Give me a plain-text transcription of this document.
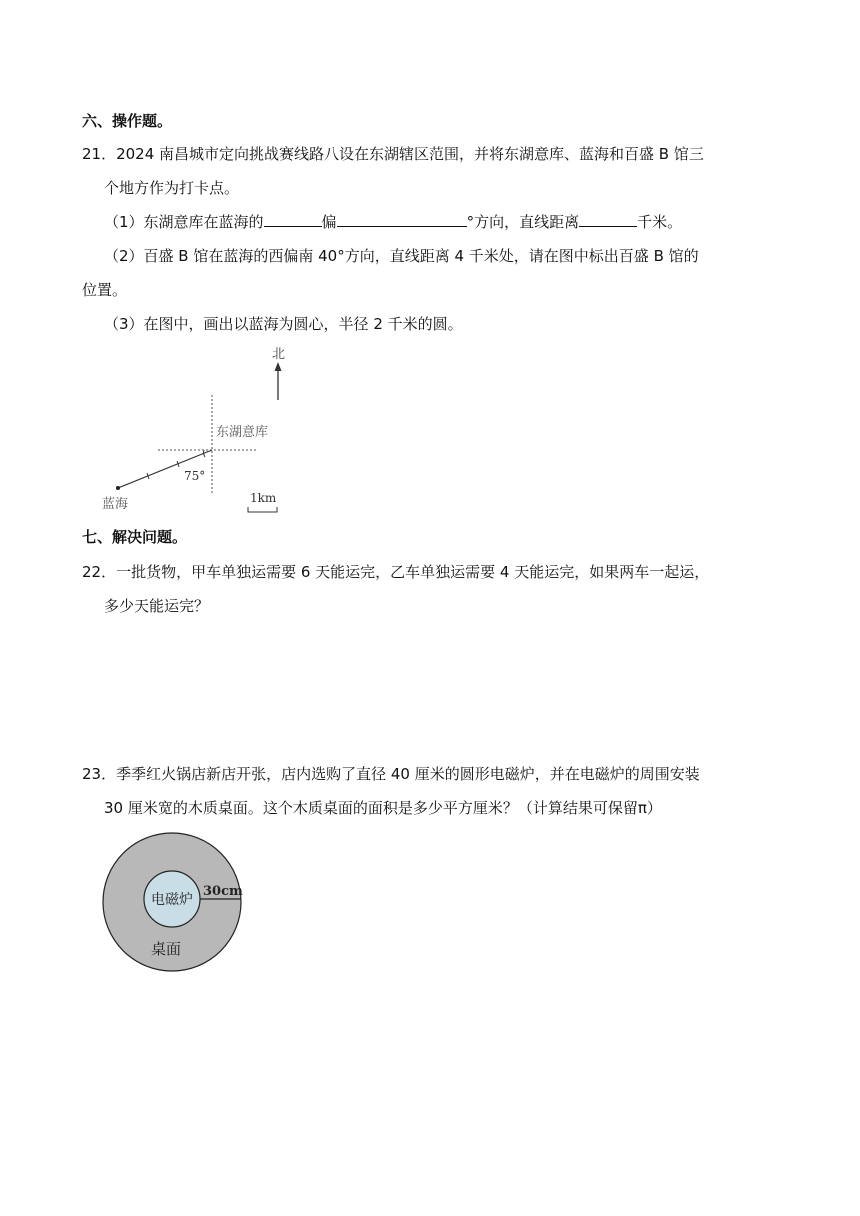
六、操作题。
21．2024 南昌城市定向挑战赛线路八设在东湖辖区范围，并将东湖意库、蓝海和百盛 B 馆三
个地方作为打卡点。
（1）东湖意库在蓝海的	偏	°方向，直线距离	千米。
（2）百盛 B 馆在蓝海的西偏南 40°方向，直线距离 4 千米处，请在图中标出百盛 B 馆的
位置。
（3）在图中，画出以蓝海为圆心，半径 2 千米的圆。
北
东湖意库
75°
蓝海	1km
七、解决问题。
22．一批货物，甲车单独运需要 6 天能运完，乙车单独运需要 4 天能运完，如果两车一起运，
多少天能运完？
23．季季红火锅店新店开张，店内选购了直径 40 厘米的圆形电磁炉，并在电磁炉的周围安装
30 厘米宽的木质桌面。这个木质桌面的面积是多少平方厘米？（计算结果可保留π）
电磁炉
30cm
桌面
